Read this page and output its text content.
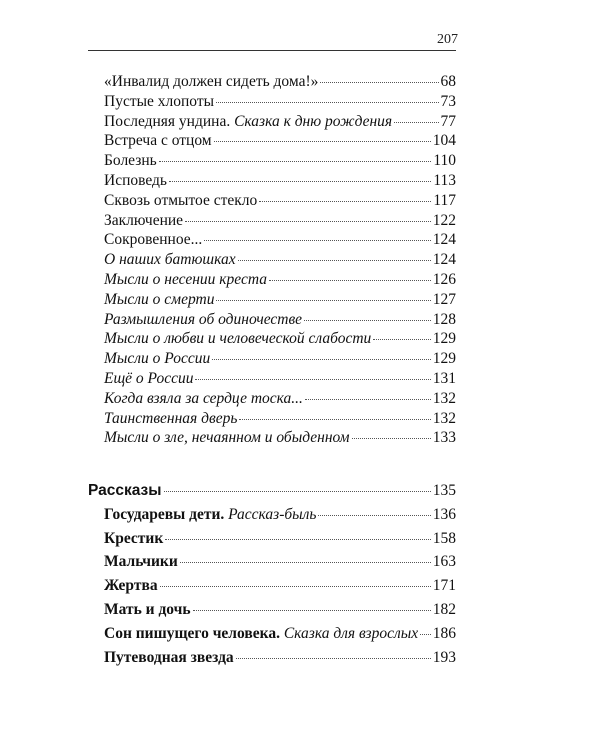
207
«Инвалид должен сидеть дома!»	68
Пустые хлопоты	73
Последняя ундина. Сказка к дню рождения	77
Встреча с отцом	104
Болезнь	110
Исповедь	113
Сквозь отмытое стекло	117
Заключение	122
Сокровенное...	124
О наших батюшках	124
Мысли о несении креста	126
Мысли о смерти	127
Размышления об одиночестве	128
Мысли о любви и человеческой слабости	129
Мысли о России	129
Ещё о России	131
Когда взяла за сердце тоска...	132
Таинственная дверь	132
Мысли о зле, нечаянном и обыденном	133
Рассказы	135
Государевы дети. Рассказ-быль	136
Крестик	158
Мальчики	163
Жертва	171
Мать и дочь	182
Сон пишущего человека. Сказка для взрослых 186
Путеводная звезда	193
